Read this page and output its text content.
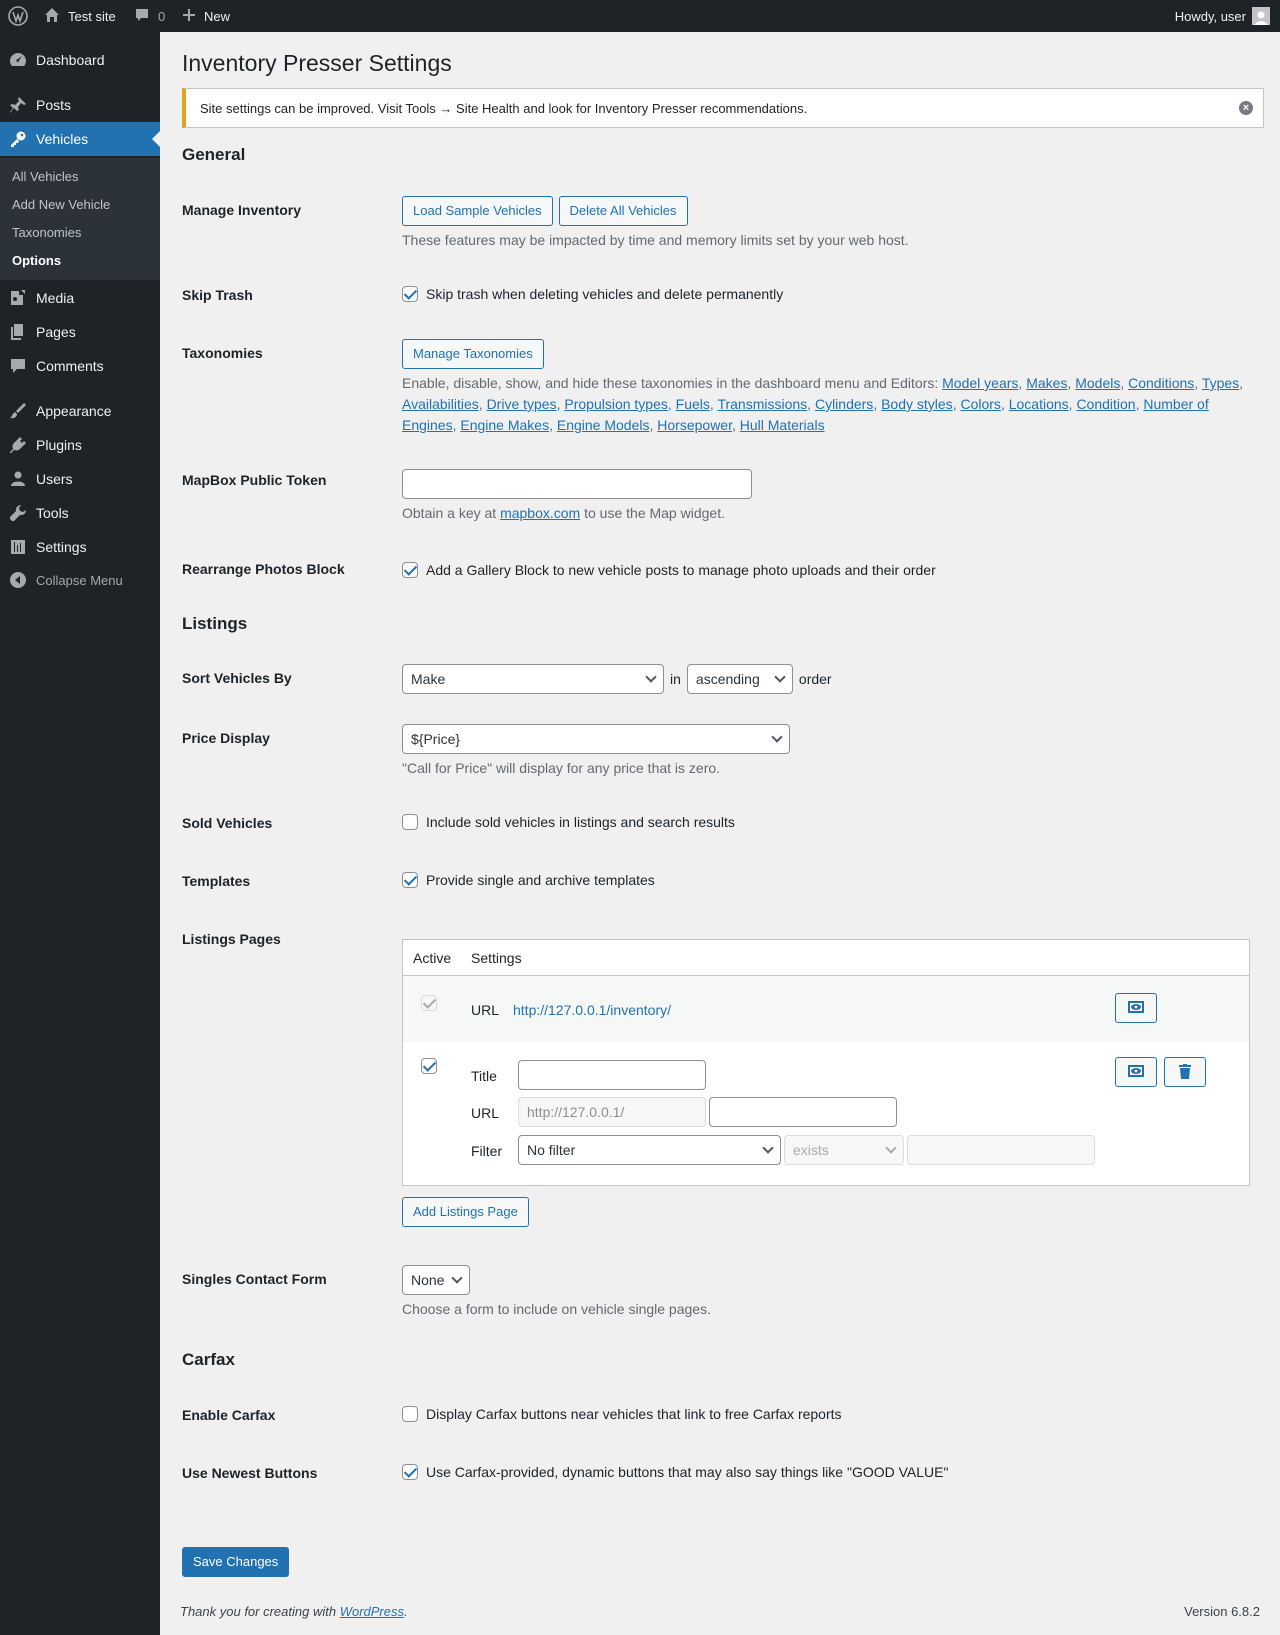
Test site	0	New	Howdy, user
Dashboard
Posts
Vehicles
All Vehicles
Add New Vehicle
Taxonomies
Options
Media
Pages
Comments
Appearance
Plugins
Users
Tools
Settings
Collapse Menu
Inventory Presser Settings
Site settings can be improved. Visit Tools → Site Health and look for Inventory Presser recommendations.	×
General
Manage Inventory	Load Sample Vehicles Delete All Vehicles
These features may be impacted by time and memory limits set by your web host.
Skip Trash	Skip trash when deleting vehicles and delete permanently
Taxonomies	Manage Taxonomies
Enable, disable, show, and hide these taxonomies in the dashboard menu and Editors: Model years, Makes, Models, Conditions, Types, Availabilities, Drive types, Propulsion types, Fuels, Transmissions, Cylinders, Body styles, Colors, Locations, Condition, Number of Engines, Engine Makes, Engine Models, Horsepower, Hull Materials
MapBox Public Token
Obtain a key at mapbox.com to use the Map widget.
Rearrange Photos Block	Add a Gallery Block to new vehicle posts to manage photo uploads and their order
Listings
Sort Vehicles By	Make	in ascending	order
Price Display	${Price}
"Call for Price" will display for any price that is zero.
Sold Vehicles	Include sold vehicles in listings and search results
Templates	Provide single and archive templates
Listings Pages
Active Settings
URL http://127.0.0.1/inventory/
Title
URL	http://127.0.0.1/
Filter No filter	exists
Add Listings Page
Singles Contact Form	None
Choose a form to include on vehicle single pages.
Carfax
Enable Carfax	Display Carfax buttons near vehicles that link to free Carfax reports
Use Newest Buttons	Use Carfax-provided, dynamic buttons that may also say things like "GOOD VALUE"
Save Changes
Thank you for creating with WordPress.	Version 6.8.2
